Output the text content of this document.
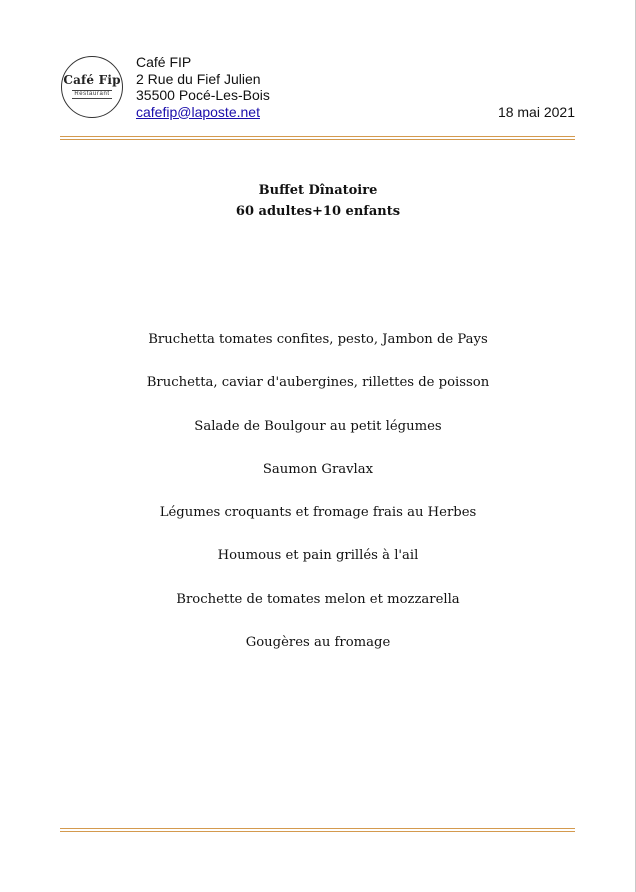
Café Fip
Restaurant
Café FIP
2 Rue du Fief Julien
35500 Pocé-Les-Bois
cafefip@laposte.net	18 mai 2021
Buffet Dînatoire
60 adultes+10 enfants
Bruchetta tomates confites, pesto, Jambon de Pays
Bruchetta, caviar d'aubergines, rillettes de poisson
Salade de Boulgour au petit légumes
Saumon Gravlax
Légumes croquants et fromage frais au Herbes
Houmous et pain grillés à l'ail
Brochette de tomates melon et mozzarella
Gougères au fromage
